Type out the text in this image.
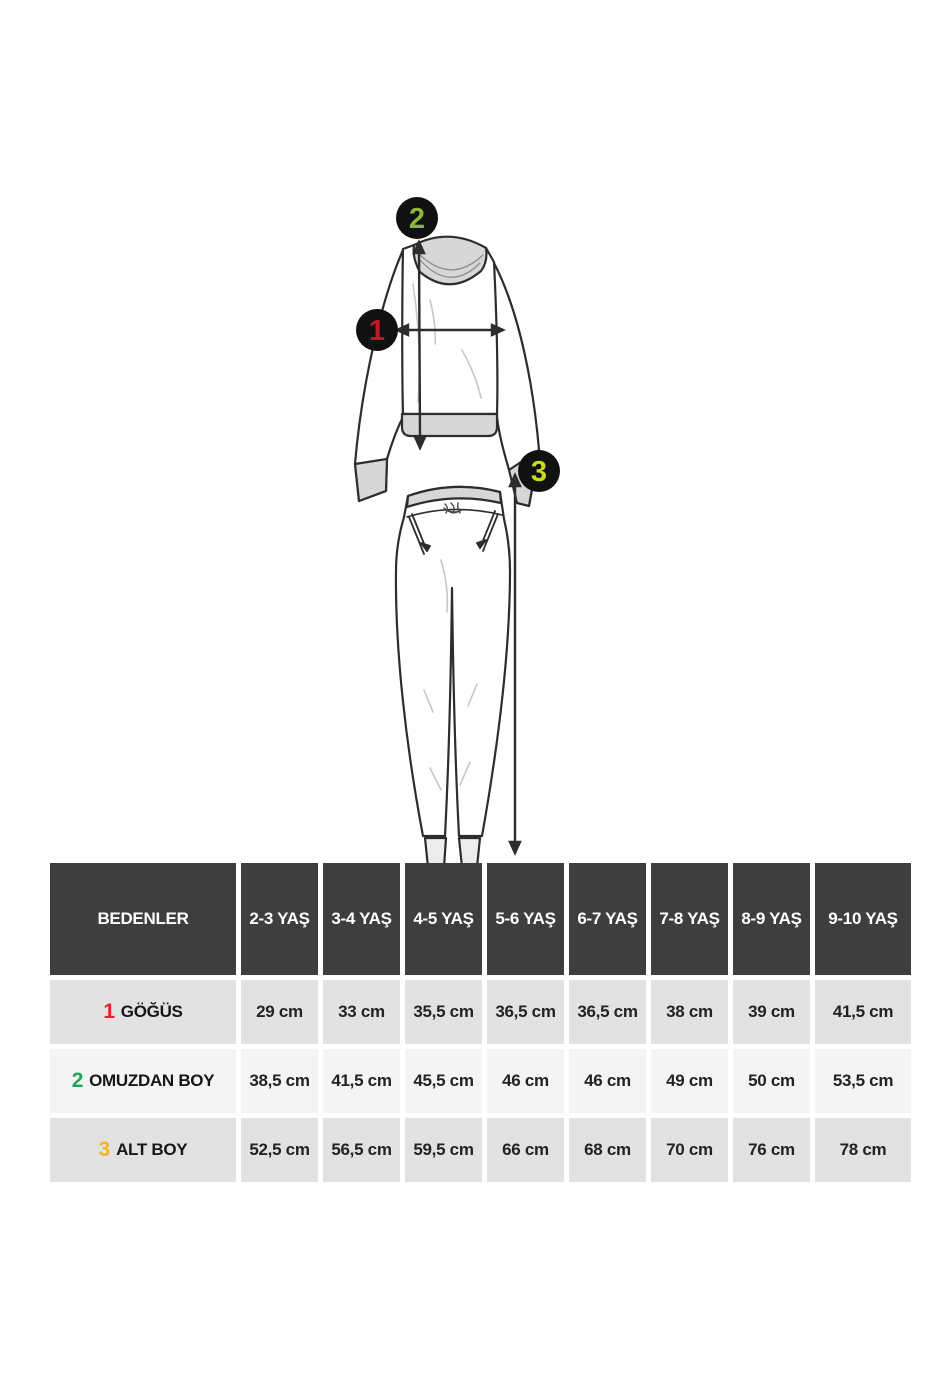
1
2
3
BEDENLER	2-3 YAŞ	3-4 YAŞ	4-5 YAŞ	5-6 YAŞ	6-7 YAŞ	7-8 YAŞ	8-9 YAŞ	9-10 YAŞ
1 GÖĞÜS	29 cm	33 cm	35,5 cm	36,5 cm	36,5 cm	38 cm	39 cm	41,5 cm
2 OMUZDAN BOY	38,5 cm	41,5 cm	45,5 cm	46 cm	46 cm	49 cm	50 cm	53,5 cm
3 ALT BOY	52,5 cm	56,5 cm	59,5 cm	66 cm	68 cm	70 cm	76 cm	78 cm
